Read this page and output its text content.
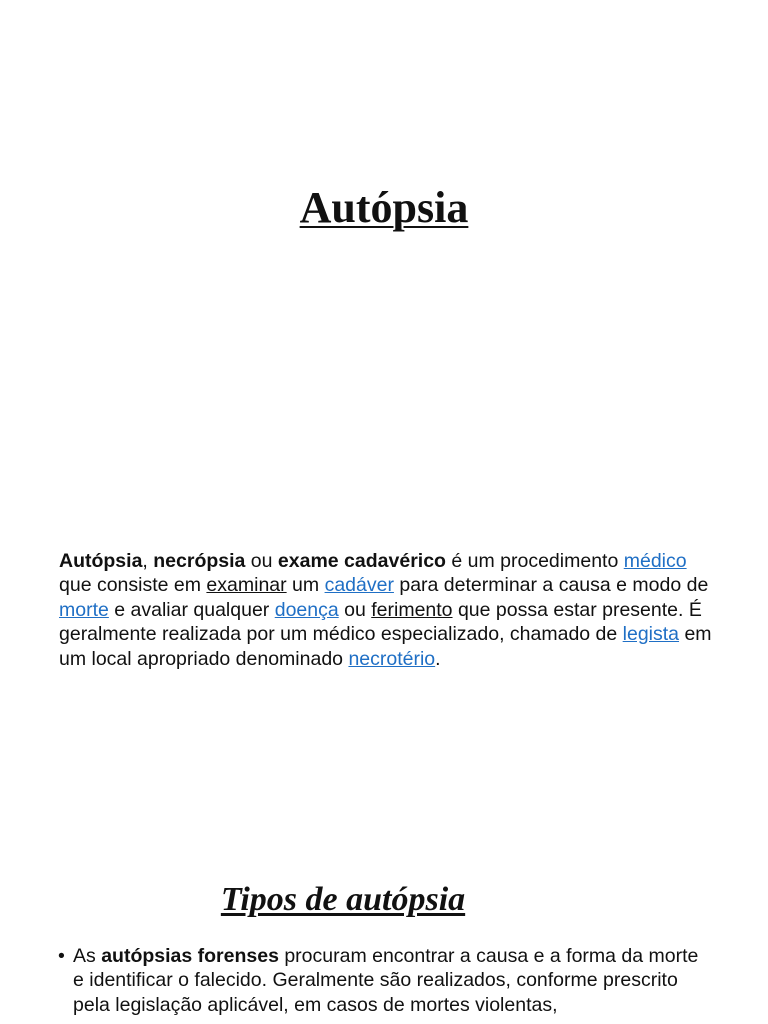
Autópsia

Autópsia, necrópsia ou exame cadavérico é um procedimento médico
que consiste em examinar um cadáver para determinar a causa e modo de morte e avaliar qualquer doença ou ferimento que possa estar presente. É geralmente realizada por um médico especializado, chamado de legista em um local apropriado denominado necrotério.

Tipos de autópsia
• As autópsias forenses procuram encontrar a causa e a forma da morte e identificar o falecido. Geralmente são realizados, conforme prescrito pela legislação aplicável, em casos de mortes violentas,
